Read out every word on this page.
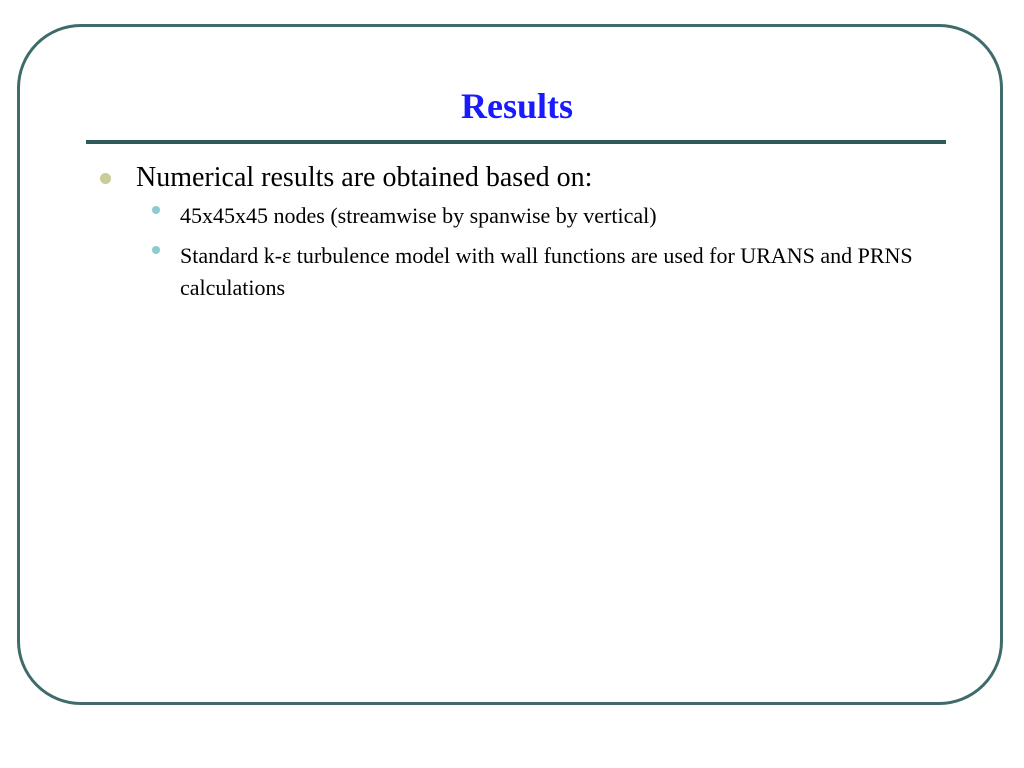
Results
Numerical results are obtained based on:
45x45x45 nodes (streamwise by spanwise by vertical)
Standard k-ε turbulence model with wall functions are used for URANS and PRNS calculations
